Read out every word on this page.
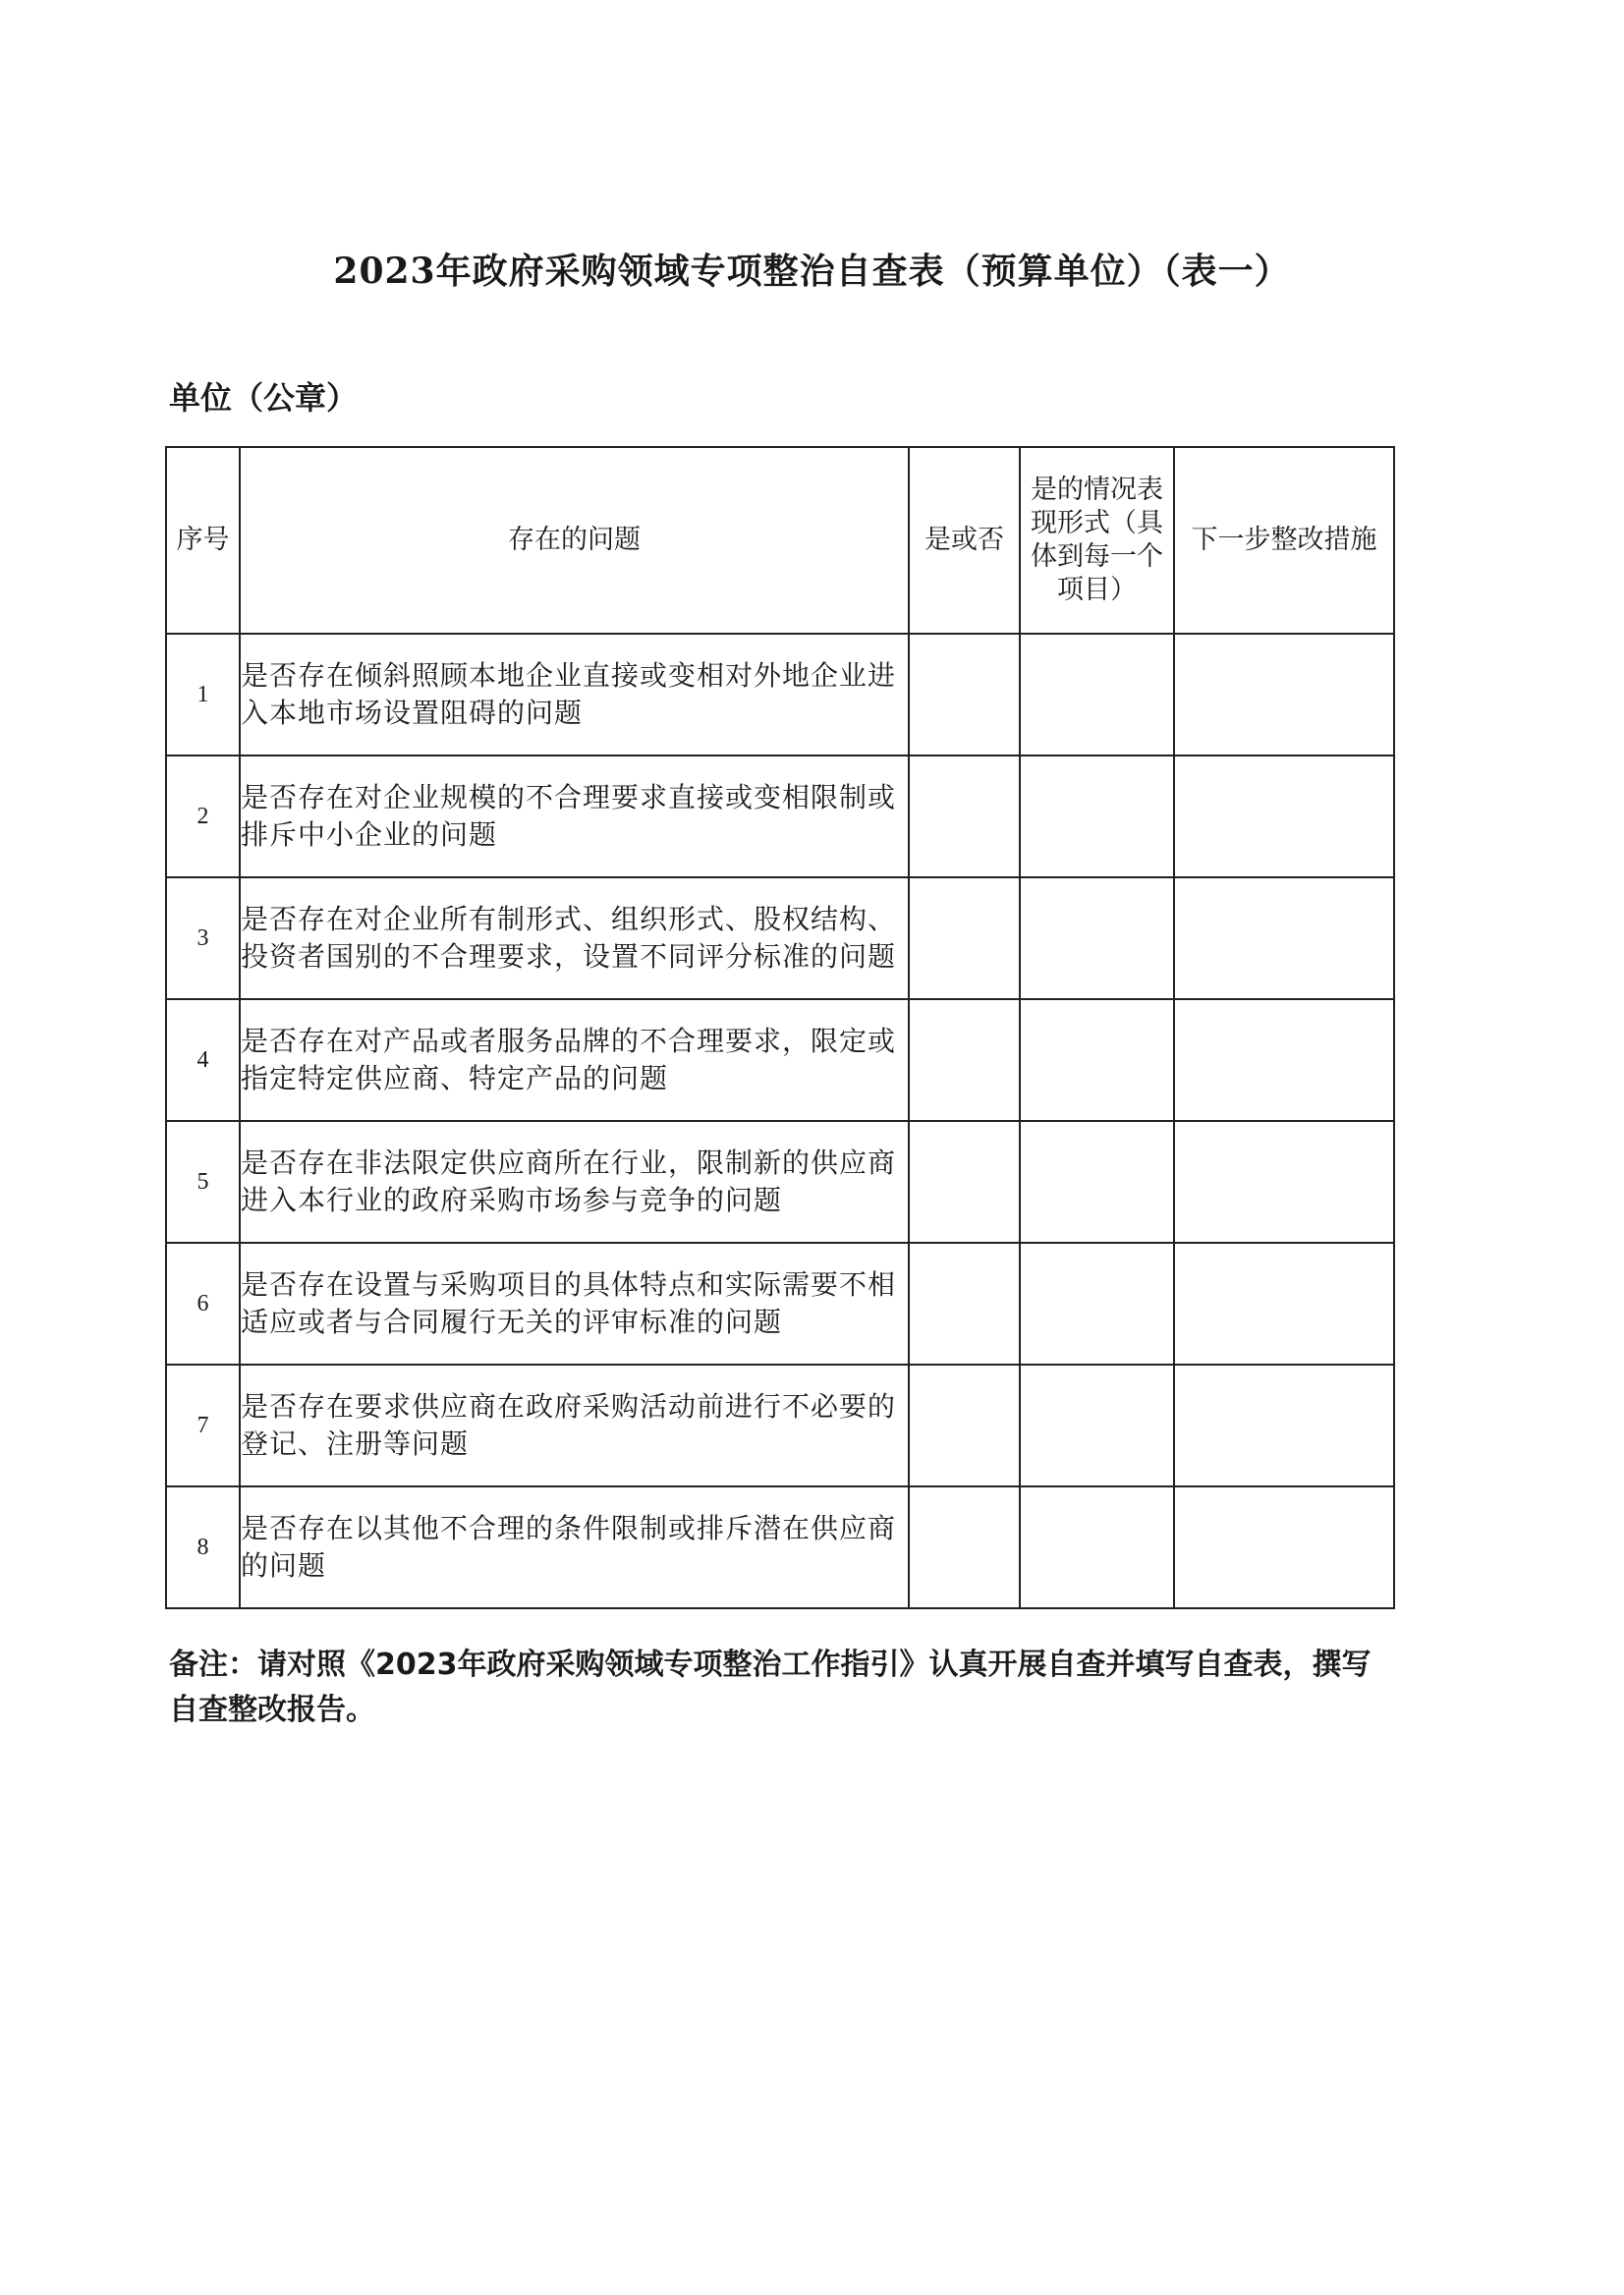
2023年政府采购领域专项整治自查表（预算单位）（表一）
单位（公章）
序号	存在的问题	是或否	是的情况表现形式（具体到每一个项目）	下一步整改措施
1	是否存在倾斜照顾本地企业直接或变相对外地企业进入本地市场设置阻碍的问题			
2	是否存在对企业规模的不合理要求直接或变相限制或排斥中小企业的问题			
3	是否存在对企业所有制形式、组织形式、股权结构、 投资者国别的不合理要求，设置不同评分标准的问题			
4	是否存在对产品或者服务品牌的不合理要求，限定或指定特定供应商、特定产品的问题			
5	是否存在非法限定供应商所在行业，限制新的供应商进入本行业的政府采购市场参与竞争的问题			
6	是否存在设置与采购项目的具体特点和实际需要不相适应或者与合同履行无关的评审标准的问题			
7	是否存在要求供应商在政府采购活动前进行不必要的登记、注册等问题			
8	是否存在以其他不合理的条件限制或排斥潜在供应商的问题			
备注：请对照《2023年政府采购领域专项整治工作指引》认真开展自查并填写自查表，撰写自查整改报告。
